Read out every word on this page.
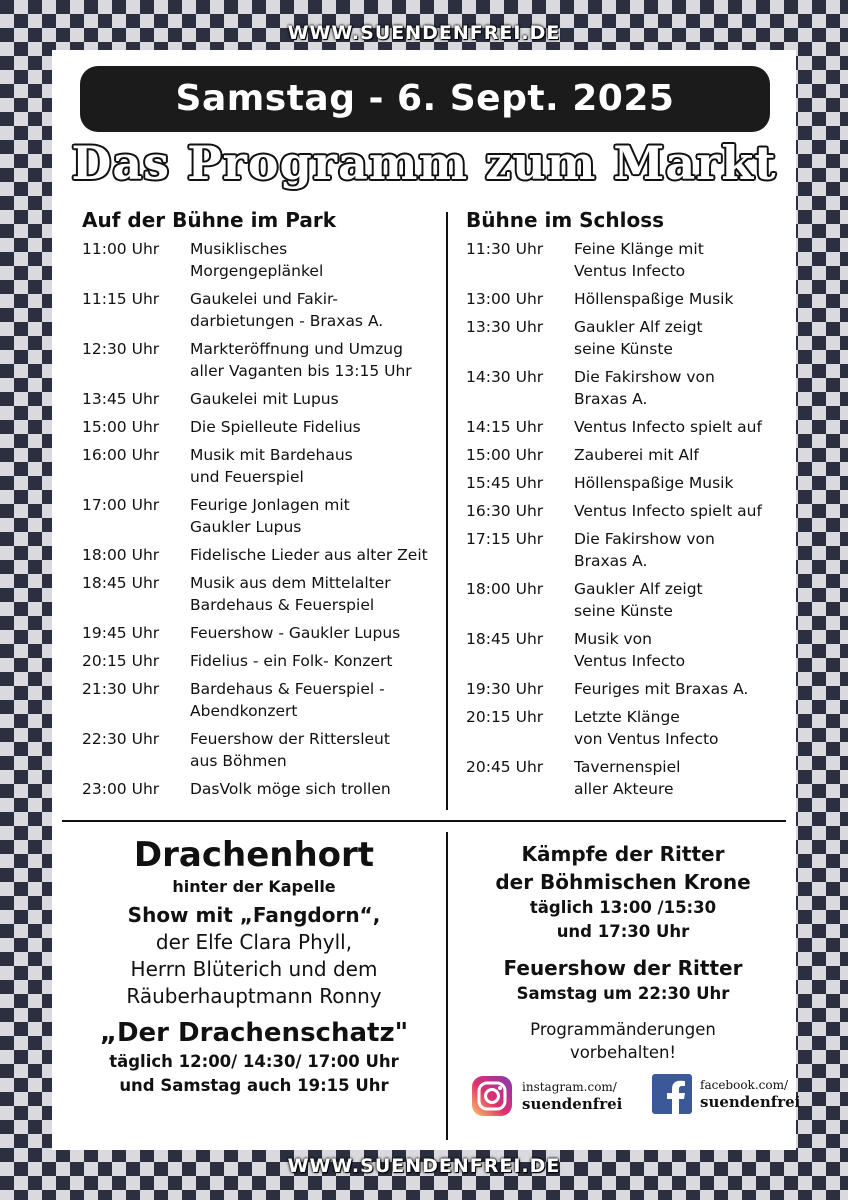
WWW.SUENDENFREI.DE
Samstag - 6. Sept. 2025
Das Programm zum Markt
Auf der Bühne im Park
11:00 Uhr	Musiklisches
Morgengeplänkel
11:15 Uhr	Gaukelei und Fakir-
darbietungen - Braxas A.
12:30 Uhr	Markteröffnung und Umzug
aller Vaganten bis 13:15 Uhr
13:45 Uhr	Gaukelei mit Lupus
15:00 Uhr	Die Spielleute Fidelius
16:00 Uhr	Musik mit Bardehaus
und Feuerspiel
17:00 Uhr	Feurige Jonlagen mit
Gaukler Lupus
18:00 Uhr	Fidelische Lieder aus alter Zeit
18:45 Uhr	Musik aus dem Mittelalter
Bardehaus & Feuerspiel
19:45 Uhr	Feuershow - Gaukler Lupus
20:15 Uhr	Fidelius - ein Folk- Konzert
21:30 Uhr	Bardehaus & Feuerspiel -
Abendkonzert
22:30 Uhr	Feuershow der Rittersleut
aus Böhmen
23:00 Uhr	DasVolk möge sich trollen
Bühne im Schloss
11:30 Uhr	Feine Klänge mit
Ventus Infecto
13:00 Uhr	Höllenspaßige Musik
13:30 Uhr	Gaukler Alf zeigt
seine Künste
14:30 Uhr	Die Fakirshow von
Braxas A.
14:15 Uhr	Ventus Infecto spielt auf
15:00 Uhr	Zauberei mit Alf
15:45 Uhr	Höllenspaßige Musik
16:30 Uhr	Ventus Infecto spielt auf
17:15 Uhr	Die Fakirshow von
Braxas A.
18:00 Uhr	Gaukler Alf zeigt
seine Künste
18:45 Uhr	Musik von
Ventus Infecto
19:30 Uhr	Feuriges mit Braxas A.
20:15 Uhr	Letzte Klänge
von Ventus Infecto
20:45 Uhr	Tavernenspiel
aller Akteure
Drachenhort
hinter der Kapelle
Show mit „Fangdorn“,
der Elfe Clara Phyll,
Herrn Blüterich und dem
Räuberhauptmann Ronny
„Der Drachenschatz"
täglich 12:00/ 14:30/ 17:00 Uhr
und Samstag auch 19:15 Uhr
Kämpfe der Ritter
der Böhmischen Krone
täglich 13:00 /15:30
und 17:30 Uhr
Feuershow der Ritter
Samstag um 22:30 Uhr
Programmänderungen
vorbehalten!
instagram.com/
suendenfrei
facebook.com/
suendenfrei
WWW.SUENDENFREI.DE
